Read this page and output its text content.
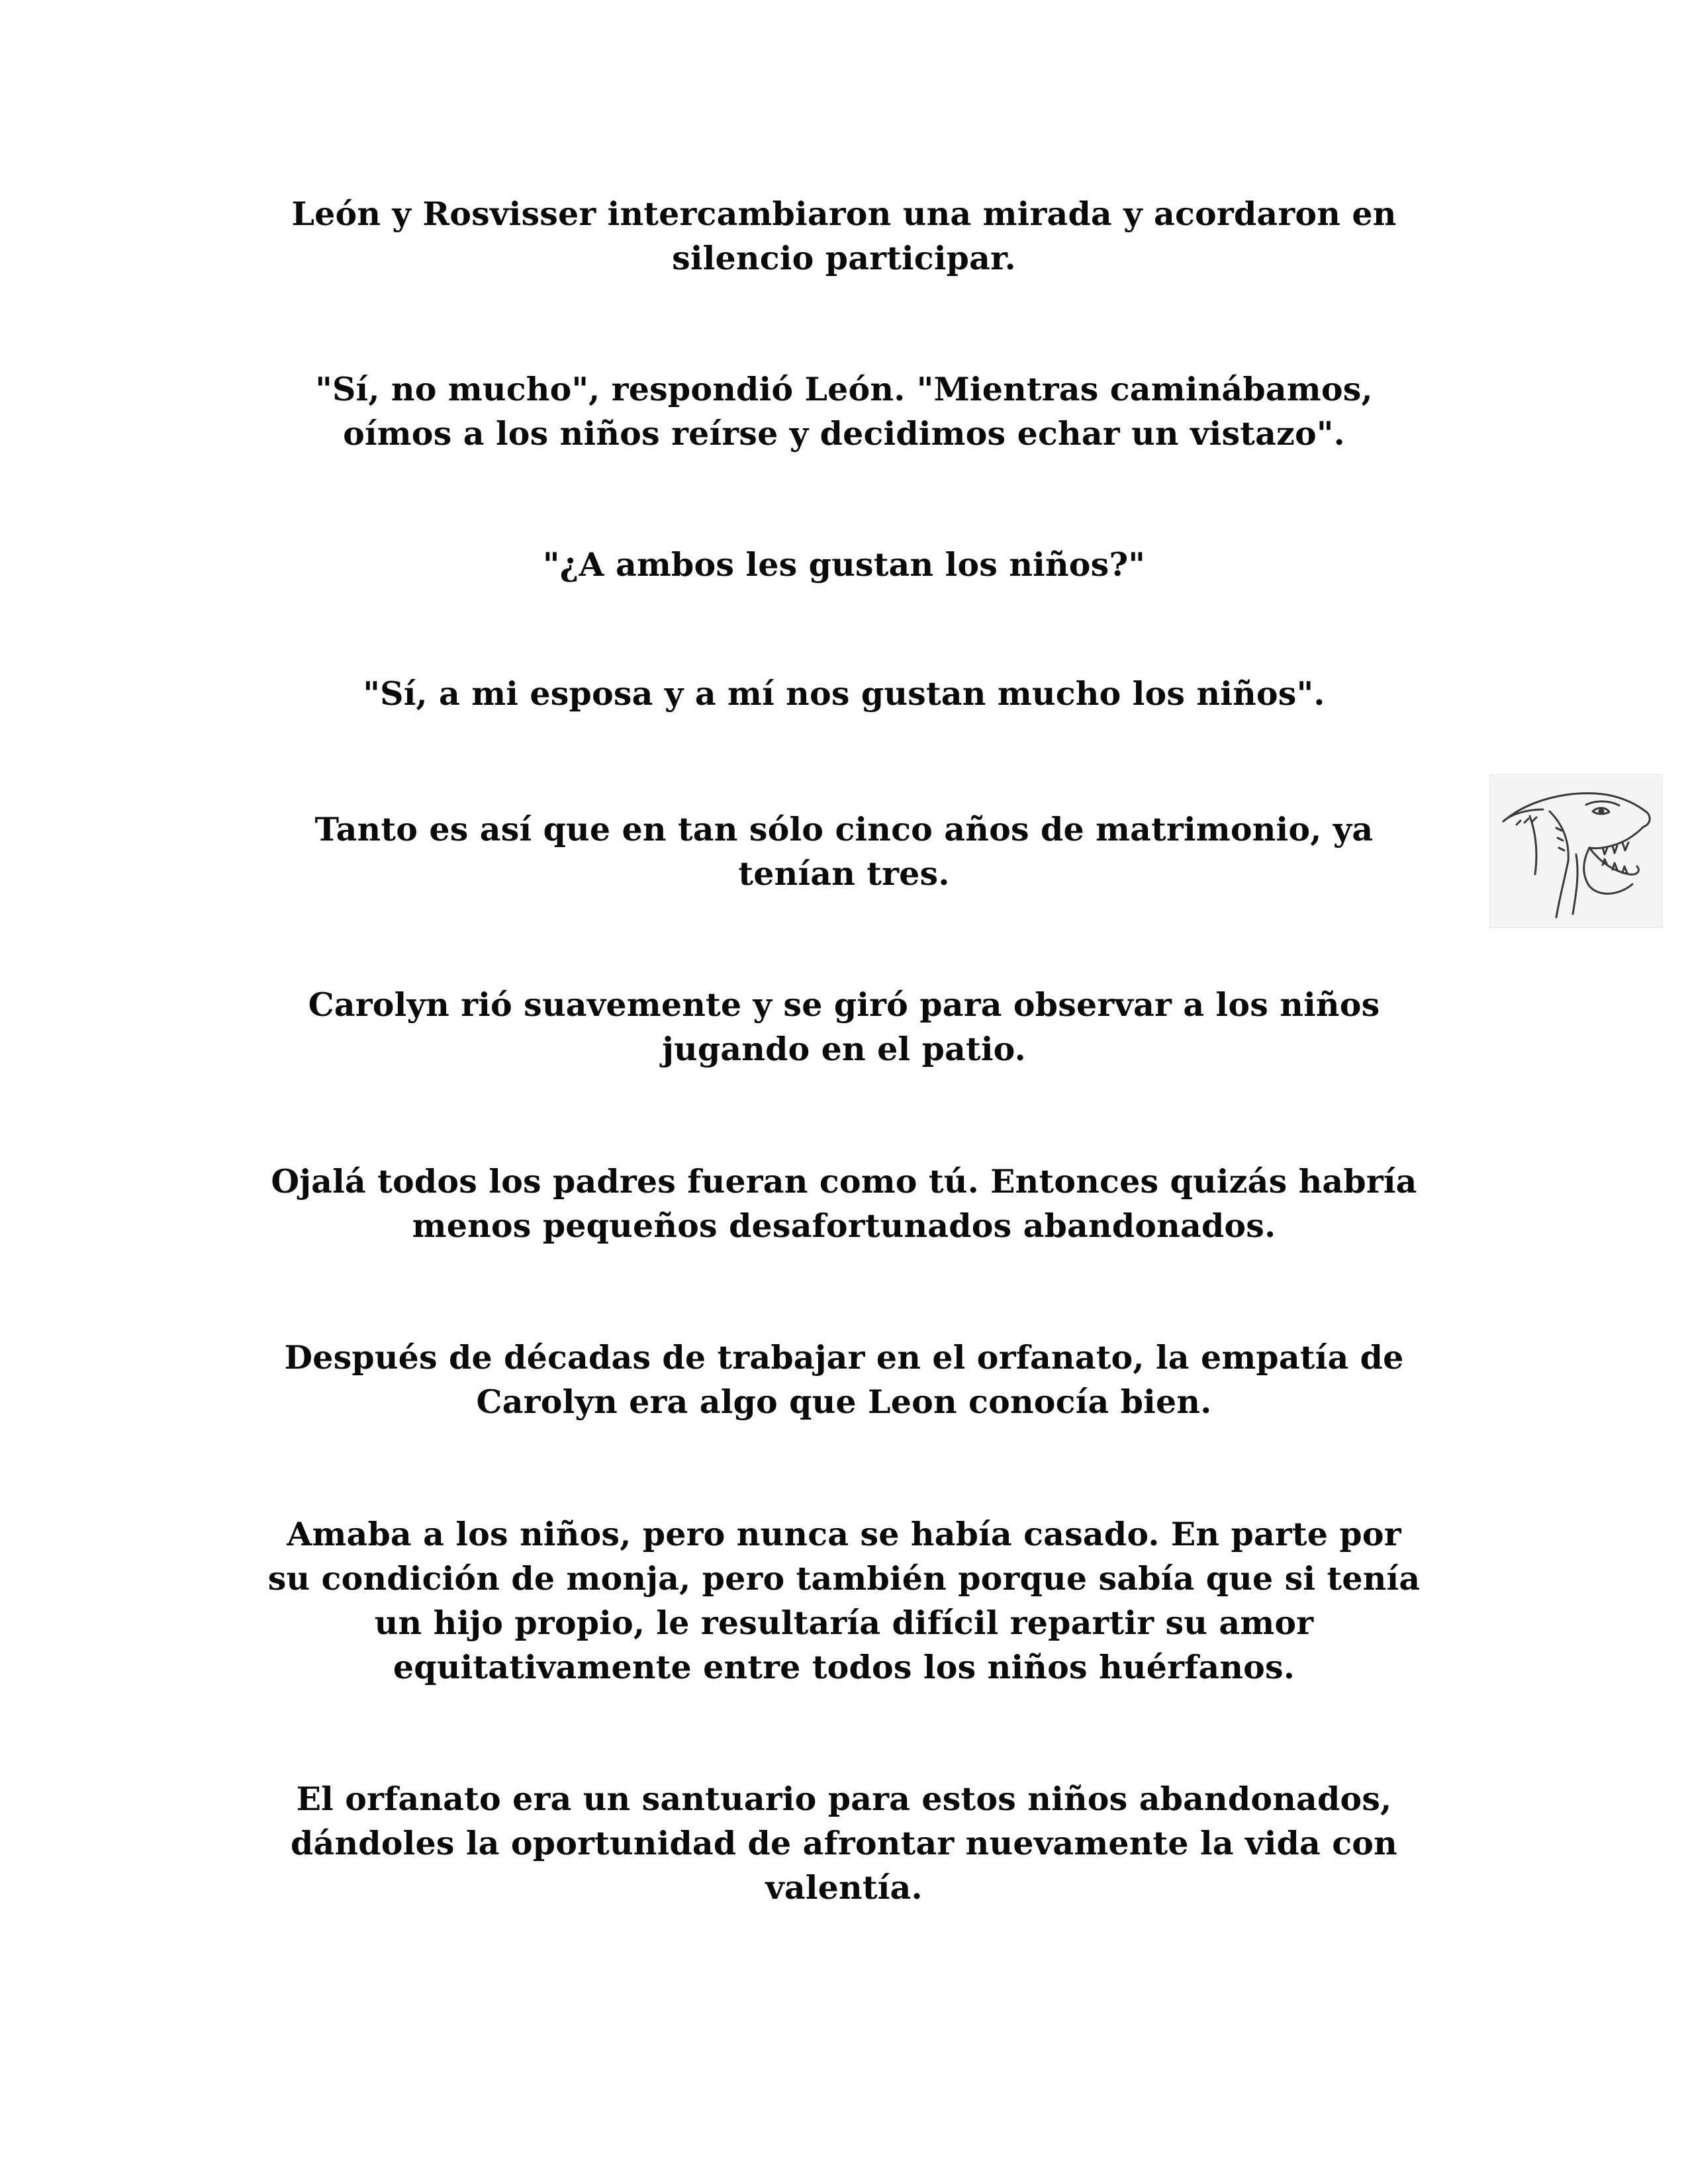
León y Rosvisser intercambiaron una mirada y acordaron en
silencio participar.

"Sí, no mucho", respondió León. "Mientras caminábamos,
oímos a los niños reírse y decidimos echar un vistazo".

"¿A ambos les gustan los niños?"

"Sí, a mi esposa y a mí nos gustan mucho los niños".

Tanto es así que en tan sólo cinco años de matrimonio, ya
tenían tres.

Carolyn rió suavemente y se giró para observar a los niños
jugando en el patio.

Ojalá todos los padres fueran como tú. Entonces quizás habría
menos pequeños desafortunados abandonados.

Después de décadas de trabajar en el orfanato, la empatía de
Carolyn era algo que Leon conocía bien.

Amaba a los niños, pero nunca se había casado. En parte por
su condición de monja, pero también porque sabía que si tenía
un hijo propio, le resultaría difícil repartir su amor
equitativamente entre todos los niños huérfanos.

El orfanato era un santuario para estos niños abandonados,
dándoles la oportunidad de afrontar nuevamente la vida con
valentía.
